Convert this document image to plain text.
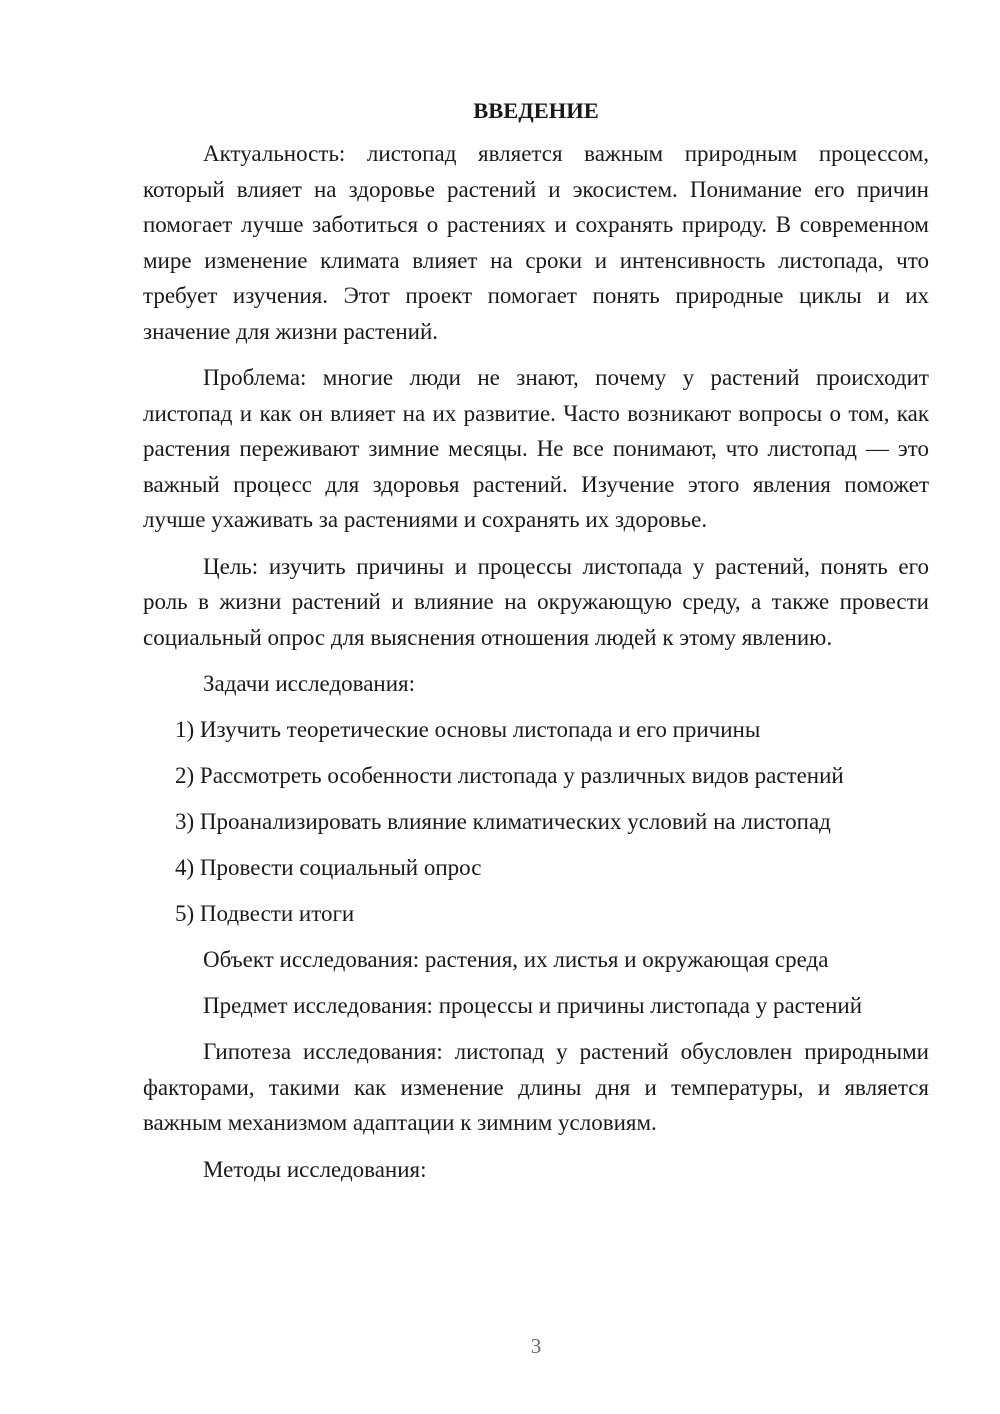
ВВЕДЕНИЕ

Актуальность: листопад является важным природным процессом, который влияет на здоровье растений и экосистем. Понимание его причин помогает лучше заботиться о растениях и сохранять природу. В современном мире изменение климата влияет на сроки и интенсивность листопада, что требует изучения. Этот проект помогает понять природные циклы и их значение для жизни растений.

Проблема: многие люди не знают, почему у растений происходит листопад и как он влияет на их развитие. Часто возникают вопросы о том, как растения переживают зимние месяцы. Не все понимают, что листопад — это важный процесс для здоровья растений. Изучение этого явления поможет лучше ухаживать за растениями и сохранять их здоровье.

Цель: изучить причины и процессы листопада у растений, понять его роль в жизни растений и влияние на окружающую среду, а также провести социальный опрос для выяснения отношения людей к этому явлению.

Задачи исследования:

1) Изучить теоретические основы листопада и его причины

2) Рассмотреть особенности листопада у различных видов растений

3) Проанализировать влияние климатических условий на листопад

4) Провести социальный опрос

5) Подвести итоги

Объект исследования: растения, их листья и окружающая среда

Предмет исследования: процессы и причины листопада у растений

Гипотеза исследования: листопад у растений обусловлен природными факторами, такими как изменение длины дня и температуры, и является важным механизмом адаптации к зимним условиям.

Методы исследования:

3
